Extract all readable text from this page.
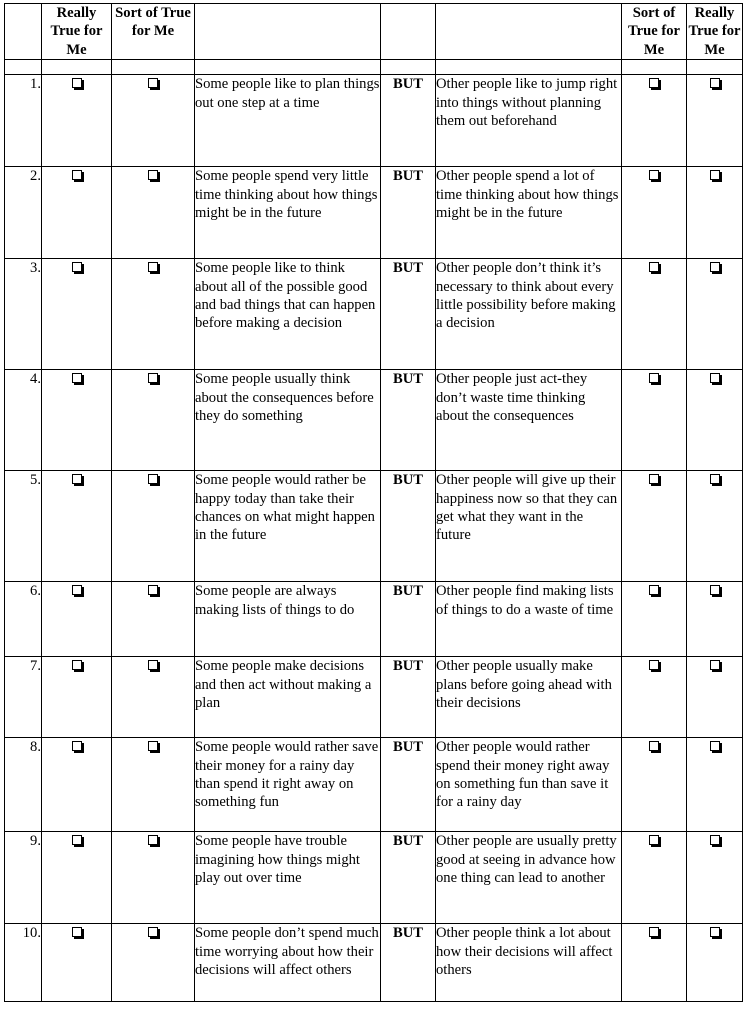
	Really True for Me	Sort of True for Me				Sort of True for Me	Really True for Me

1.			Some people like to plan things out one step at a time	BUT	Other people like to jump right into things without planning them out beforehand		
2.			Some people spend very little time thinking about how things might be in the future	BUT	Other people spend a lot of time thinking about how things might be in the future		
3.			Some people like to think about all of the possible good and bad things that can happen before making a decision	BUT	Other people don’t think it’s necessary to think about every little possibility before making a decision		
4.			Some people usually think about the consequences before they do something	BUT	Other people just act-they don’t waste time thinking about the consequences		
5.			Some people would rather be happy today than take their chances on what might happen in the future	BUT	Other people will give up their happiness now so that they can get what they want in the future		
6.			Some people are always making lists of things to do	BUT	Other people find making lists of things to do a waste of time		
7.			Some people make decisions and then act without making a plan	BUT	Other people usually make plans before going ahead with their decisions		
8.			Some people would rather save their money for a rainy day than spend it right away on something fun	BUT	Other people would rather spend their money right away on something fun than save it for a rainy day		
9.			Some people have trouble imagining how things might play out over time	BUT	Other people are usually pretty good at seeing in advance how one thing can lead to another		
10.			Some people don’t spend much time worrying about how their decisions will affect others	BUT	Other people think a lot about how their decisions will affect others		
